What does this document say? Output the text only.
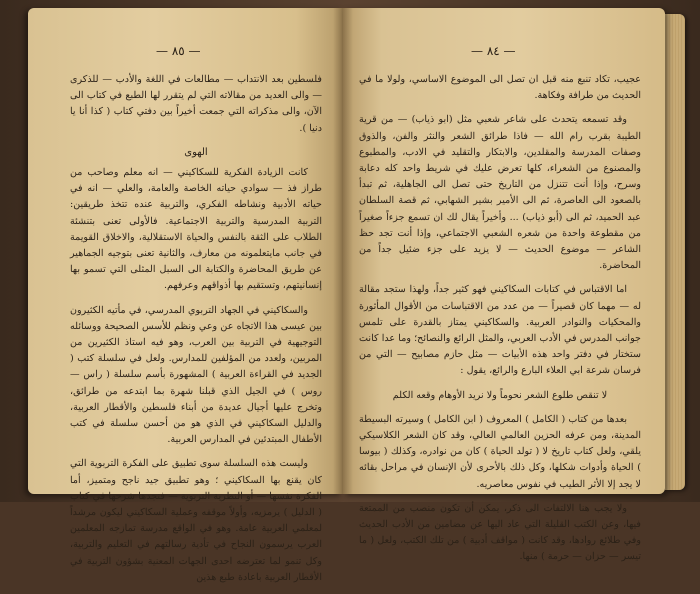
— ٨٥ —

فلسطين بعد الانتداب — مطالعات في اللغة والأدب — للذكرى — والى العديد من مقالاته التي لم يتقرر لها الطبع في كتاب الى الآن، والى مذكراته التي جمعت أخيراً بين دفتي كتاب ( كذا أنا يا دنيا ).

الهوى

كانت الزيادة الفكرية للسكاكيني — انه معلم وصاحب من طراز فذ — سوادي حياته الخاصة والعامة، والعلي — انه في حياته الأدبية ونشاطه الفكري، والتربية عنده تتخذ طريقين: التربية المدرسية والتربية الاجتماعية. فالأولى تعنى بتنشئة الطلاب على الثقة بالنفس والحياة الاستقلالية، والاخلاق القويمة في جانب مايتعلمونه من معارف، والثانية تعنى بتوجيه الجماهير عن طريق المحاضرة والكتابة الى السبل المثلى التي تسمو بها إنسانيتهم، وتستقيم بها أذواقهم وعرفهم.

والسكاكيني في الجهاد التربوي المدرسي، في مأتيه الكثيرون بين عيسى هذا الاتجاه عن وعي ونظم للأسس الصحيحة ووسائله التوجيهية في التربية بين العرب، وهو فيه استاذ الكثيرين من المربين، ولعدد من المؤلفين للمدارس. ولعل في سلسلة كتب ( الجديد في القراءة العربية ) المشهورة بأسم سلسلة ( راس — روس ) في الجيل الذي قبلنا شهرة بما ابتدعه من طرائق، وتخرج عليها أجيال عديدة من أبناء فلسطين والأقطار العربية، والدليل السكاكيني في الذي هو من أحسن سلسلة في كتب الأطفال المبتدئين في المدارس العربية.

وليست هذه السلسلة سوى تطبيق على الفكرة التربوية التي كان يقنع بها السكاكيني ؛ وهو تطبيق جيد ناجح ومتميز، أما الفكرة نفسها — أو النظرية التربوية — فنجدها شرحها في كتاب ( الدليل ) يرمزيه، وأولاً موقفه وعملية السكاكيني ليكون مرشداً لمعلمي العربية عامة. وهو في الواقع مدرسة تمازجه المعلمين العرب يرسمون النجاح في تأدية رسالتهم في التعليم والتربية، وكل تنمو لما تعترضه احدى الجهات المعنية بشؤون التربية في الأقطار العربية باعادة طبع هذين

— ٨٤ —

عجيب، تكاد تنبع منه قبل ان تصل الى الموضوع الاساسي، ولولا ما في الحديث من طرافة وفكاهة.

وقد تسمعه يتحدث على شاعر شعبي مثل (ابو ذياب) — من قرية الطيبة بقرب رام الله — فاذا طرائق الشعر والنثر والفن، والذوق وصفات المدرسة والمقلدين، والابتكار والتقليد في الادب، والمطبوع والمصنوع من الشعراء، كلها تعرض عليك في شريط واحد كله دعابة وسرح، وإذا أنت تتنزل من التاريخ حتى تصل الى الجاهلية، ثم تبدأ بالصعود الى العاصرة، ثم الى الأمير بشير الشهابي، ثم قصة السلطان عبد الحميد، ثم الى (أبو ذياب) ... وأخيراً يقال لك ان تسمع جزءاً صغيراً من مقطوعة واحدة من شعره الشعبي الاجتماعي، وإذا أنت تجد حظ الشاعر — موضوع الحديث — لا يزيد على جزء ضئيل جداً من المحاضرة.

اما الاقتباس في كتابات السكاكيني فهو كثير جداً، ولهذا ستجد مقالة له — مهما كان قصيراً — من عدد من الاقتباسات من الأقوال المأثورة والمحكيات والنوادر العربية. والسكاكيني يمتاز بالقدرة على تلمس جوانب المدرس في الأدب العربي، والمثل الرائع والنصائح؛ وما عدا كانت ستختار في دفتر واحد هذه الأبيات — مثل حازم مصابيح — التي من فرسان شرعة ابي العلاء البارع والرائع، يقول :

لا تنقص طلوع الشعر نحوماً ولا نريد الأوهام وقعه الكلم

بعدها من كتاب ( الكامل ) المعروف ( ابن الكامل ) وسيرته البسيطة المدينة، ومن عرفه الحزين العالمي العالي، وقد كان الشعر الكلاسيكي يلقي، ولعل كتاب تاريخ لا ( تولد الحياة ) كان من نوادره، وكذلك ( بيوسا ) الحياة وأدوات شكلها، وكل ذلك بالأحرى لأن الإنسان في مراحل بقائه لا يجد إلا الأثر الطيب في نفوس معاصريه.

ولا يجب هنا الالتفات الى ذكر، يمكن أن تكون منصب من الممتعة فيها، وعن الكتب القليلة التي عاد اليها عن مضامين من الأدب الحديث وفي طلائع روادها، وقد كانت ( مواقف أدبية ) من تلك الكتب، ولعل ( ما تيسر — حزان — حرمة ) منها.
